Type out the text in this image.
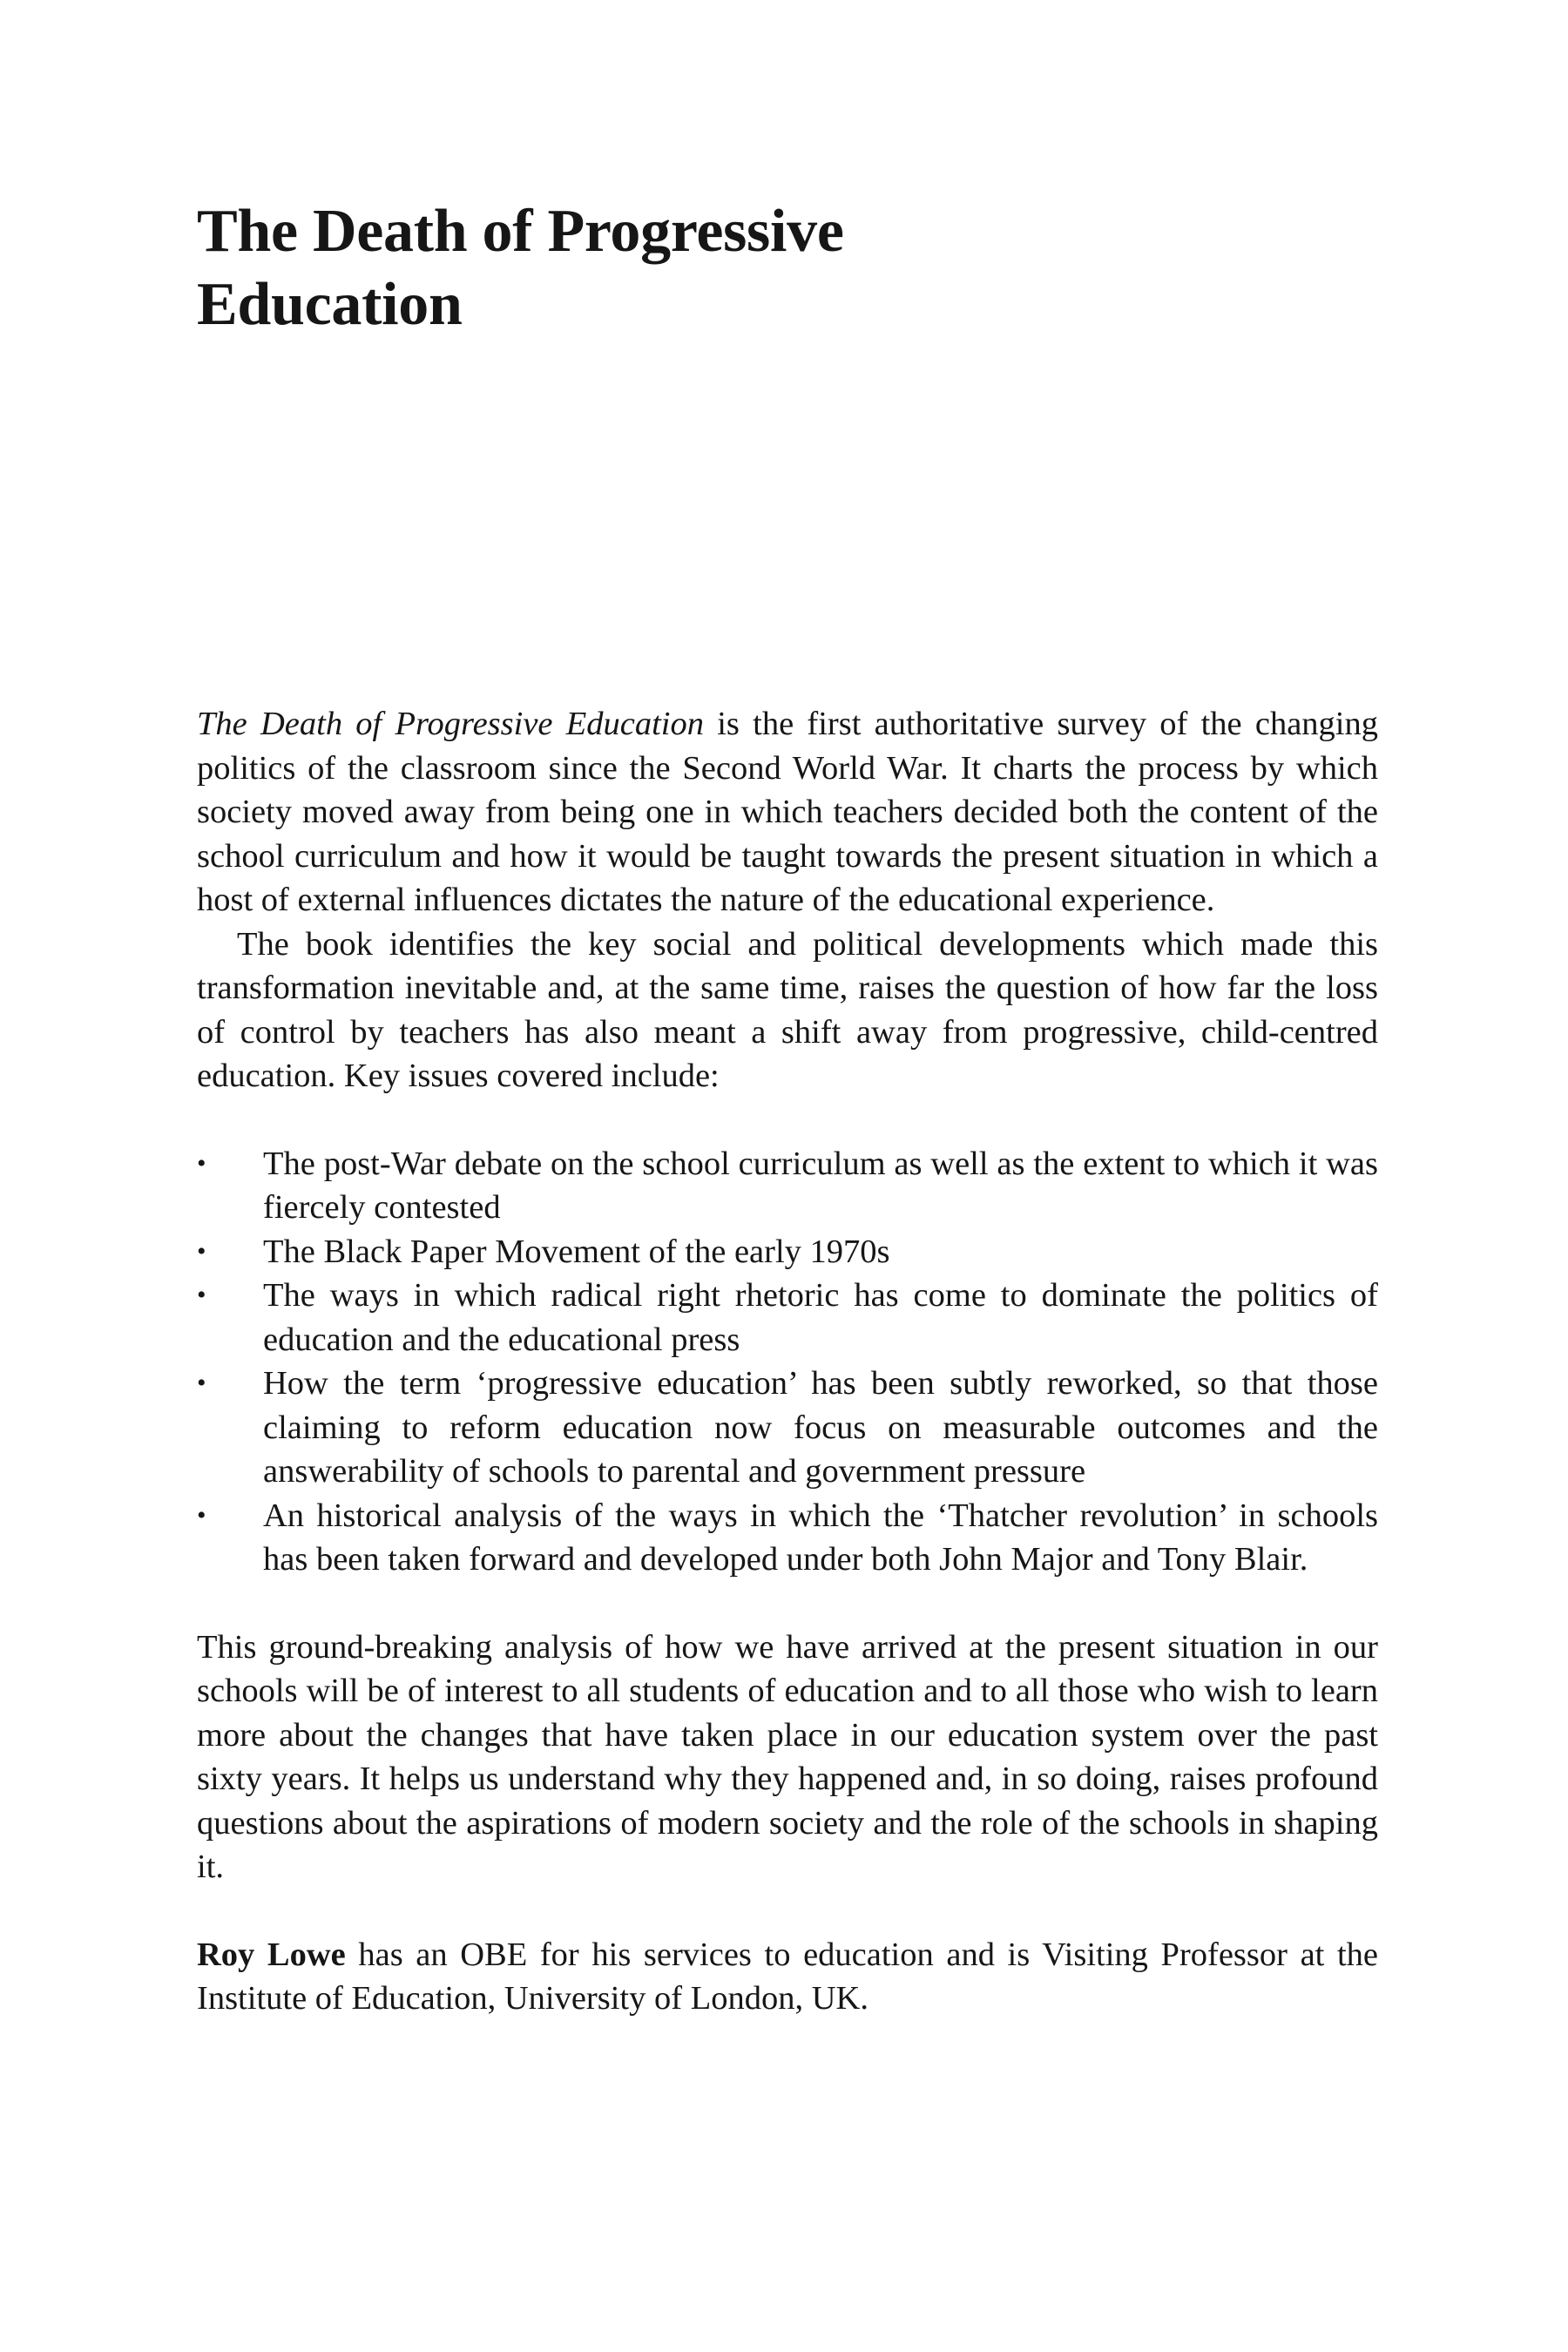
The Death of Progressive
Education

The Death of Progressive Education is the first authoritative survey of the changing politics of the classroom since the Second World War. It charts the process by which society moved away from being one in which teachers decided both the content of the school curriculum and how it would be taught towards the present situation in which a host of external influences dictates the nature of the educational experience.

The book identifies the key social and political developments which made this transformation inevitable and, at the same time, raises the question of how far the loss of control by teachers has also meant a shift away from progressive, child-centred education. Key issues covered include:

• The post-War debate on the school curriculum as well as the extent to which it was fiercely contested
• The Black Paper Movement of the early 1970s
• The ways in which radical right rhetoric has come to dominate the politics of education and the educational press
• How the term ‘progressive education’ has been subtly reworked, so that those claiming to reform education now focus on measurable outcomes and the answerability of schools to parental and government pressure
• An historical analysis of the ways in which the ‘Thatcher revolution’ in schools has been taken forward and developed under both John Major and Tony Blair.

This ground-breaking analysis of how we have arrived at the present situation in our schools will be of interest to all students of education and to all those who wish to learn more about the changes that have taken place in our education system over the past sixty years. It helps us understand why they happened and, in so doing, raises profound questions about the aspirations of modern society and the role of the schools in shaping it.

Roy Lowe has an OBE for his services to education and is Visiting Professor at the Institute of Education, University of London, UK.
